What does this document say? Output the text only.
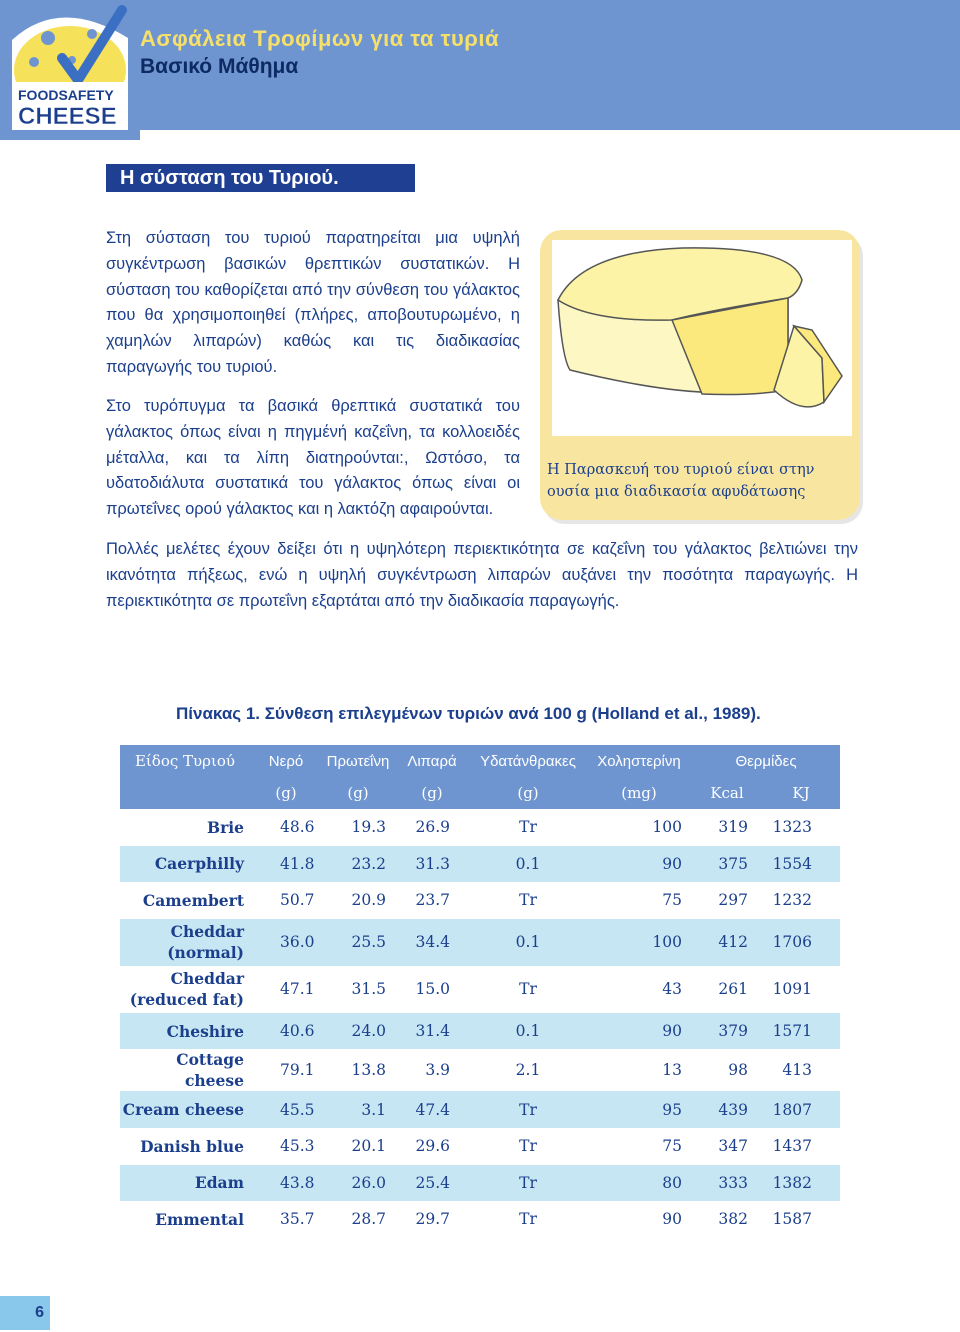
FOODSAFETY
CHEESE
Ασφάλεια Τροφίμων για τα τυριά
Βασικό Μάθημα
Η σύσταση του Τυριού.
Στη σύσταση του τυριού παρατηρείται μια υψηλή συγκέντρωση βασικών θρεπτικών συστατικών. Η σύσταση του καθορίζεται από την σύνθεση του γάλακτος που θα χρησιμοποιηθεί (πλήρες, αποβουτυρωμένο, η χαμηλών λιπαρών) καθώς και τις διαδικασίας παραγωγής του τυριού.
Στο τυρόπυγμα τα βασικά θρεπτικά συστατικά του γάλακτος όπως είναι η πηγμένή καζεΐνη, τα κολλοειδές μέταλλα, και τα λίπη διατηρούνται:, Ωστόσο, τα υδατοδιάλυτα συστατικά του γάλακτος όπως είναι οι πρωτεΐνες ορού γάλακτος και η λακτόζη αφαιρούνται.
Πολλές μελέτες έχουν δείξει ότι η υψηλότερη περιεκτικότητα σε καζεΐνη του γάλακτος βελτιώνει την ικανότητα πήξεως, ενώ η υψηλή συγκέντρωση λιπαρών αυξάνει την ποσότητα παραγωγής. Η περιεκτικότητα σε πρωτεΐνη εξαρτάται από την διαδικασία παραγωγής.
Η Παρασκευή του τυριού είναι στην ουσία μια διαδικασία αφυδάτωσης
Πίνακας 1. Σύνθεση επιλεγμένων τυριών ανά 100 g (Holland et al., 1989).
Είδος Τυριού	Νερό	Πρωτεΐνη	Λιπαρά	Υδατάνθρακες	Χοληστερίνη	Θερμίδες	
	(g)	(g)	(g)	(g)	(mg)	Kcal	KJ
Brie	48.6	19.3	26.9	Tr	100	319	1323
Caerphilly	41.8	23.2	31.3	0.1	90	375	1554
Camembert	50.7	20.9	23.7	Tr	75	297	1232
Cheddar (normal)	36.0	25.5	34.4	0.1	100	412	1706
Cheddar (reduced fat)	47.1	31.5	15.0	Tr	43	261	1091
Cheshire	40.6	24.0	31.4	0.1	90	379	1571
Cottage cheese	79.1	13.8	3.9	2.1	13	98	413
Cream cheese	45.5	3.1	47.4	Tr	95	439	1807
Danish blue	45.3	20.1	29.6	Tr	75	347	1437
Edam	43.8	26.0	25.4	Tr	80	333	1382
Emmental	35.7	28.7	29.7	Tr	90	382	1587
6
